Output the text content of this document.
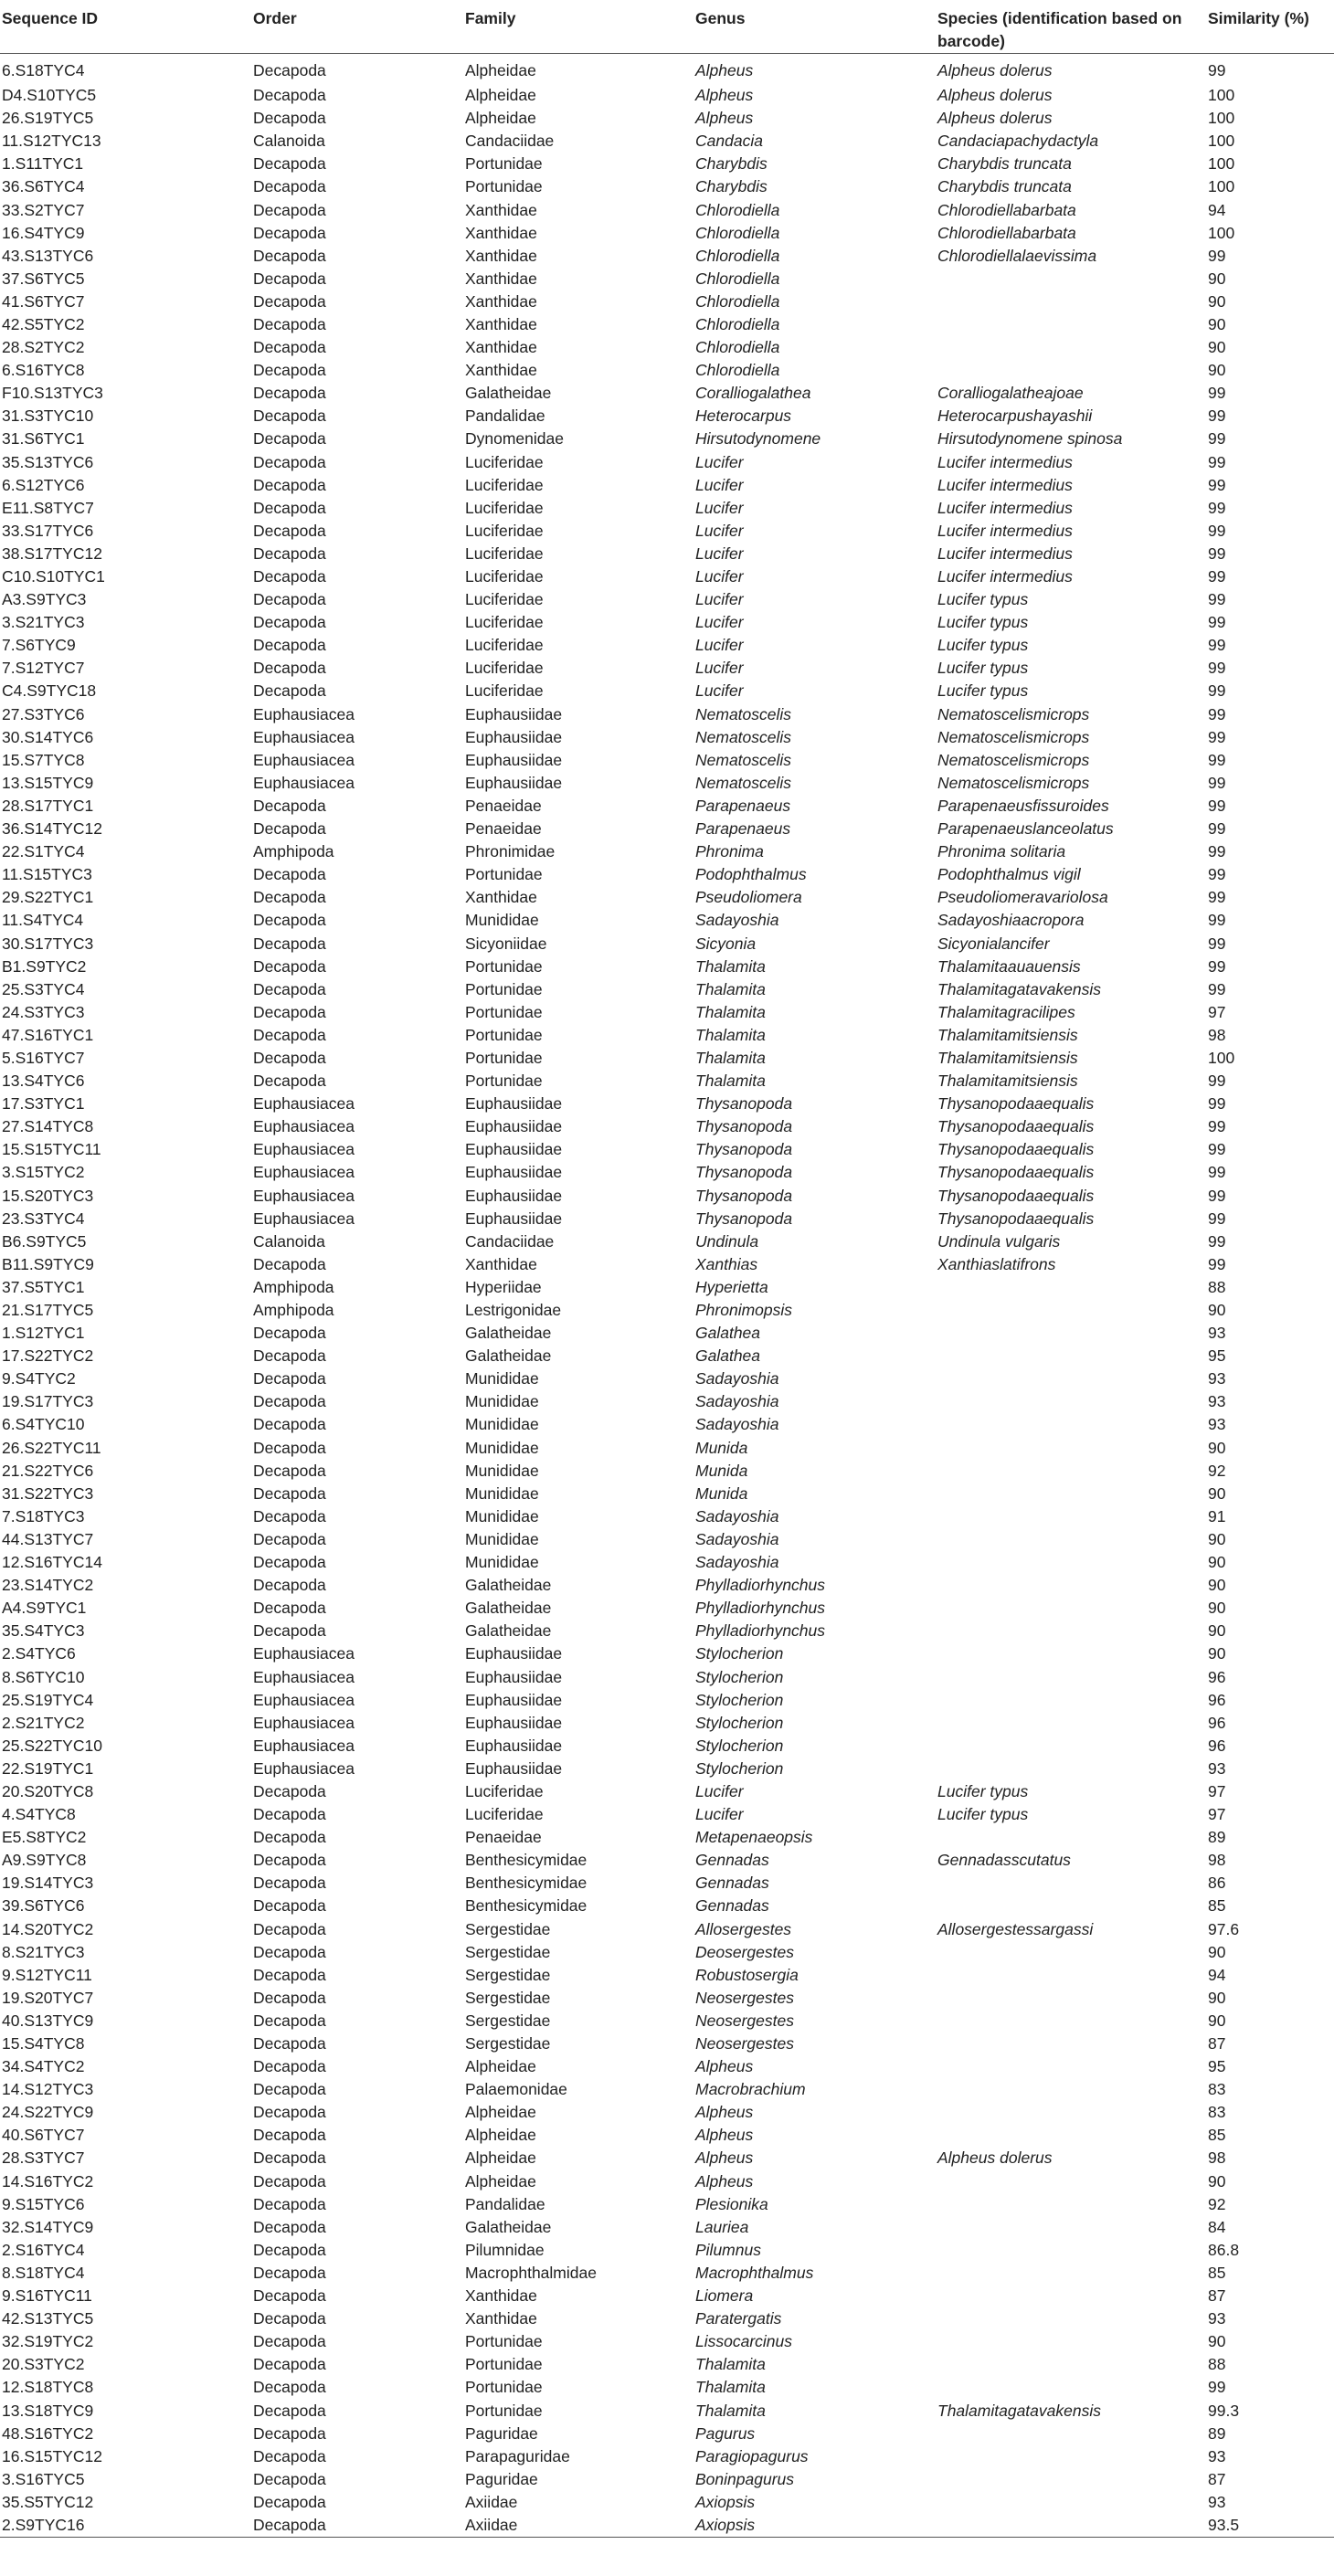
Sequence ID	Order	Family	Genus	Species (identification based on barcode)	Similarity (%)
6.S18TYC4	Decapoda	Alpheidae	Alpheus	Alpheus dolerus	99
D4.S10TYC5	Decapoda	Alpheidae	Alpheus	Alpheus dolerus	100
26.S19TYC5	Decapoda	Alpheidae	Alpheus	Alpheus dolerus	100
11.S12TYC13	Calanoida	Candaciidae	Candacia	Candaciapachydactyla	100
1.S11TYC1	Decapoda	Portunidae	Charybdis	Charybdis truncata	100
36.S6TYC4	Decapoda	Portunidae	Charybdis	Charybdis truncata	100
33.S2TYC7	Decapoda	Xanthidae	Chlorodiella	Chlorodiellabarbata	94
16.S4TYC9	Decapoda	Xanthidae	Chlorodiella	Chlorodiellabarbata	100
43.S13TYC6	Decapoda	Xanthidae	Chlorodiella	Chlorodiellalaevissima	99
37.S6TYC5	Decapoda	Xanthidae	Chlorodiella		90
41.S6TYC7	Decapoda	Xanthidae	Chlorodiella		90
42.S5TYC2	Decapoda	Xanthidae	Chlorodiella		90
28.S2TYC2	Decapoda	Xanthidae	Chlorodiella		90
6.S16TYC8	Decapoda	Xanthidae	Chlorodiella		90
F10.S13TYC3	Decapoda	Galatheidae	Coralliogalathea	Coralliogalatheajoae	99
31.S3TYC10	Decapoda	Pandalidae	Heterocarpus	Heterocarpushayashii	99
31.S6TYC1	Decapoda	Dynomenidae	Hirsutodynomene	Hirsutodynomene spinosa	99
35.S13TYC6	Decapoda	Luciferidae	Lucifer	Lucifer intermedius	99
6.S12TYC6	Decapoda	Luciferidae	Lucifer	Lucifer intermedius	99
E11.S8TYC7	Decapoda	Luciferidae	Lucifer	Lucifer intermedius	99
33.S17TYC6	Decapoda	Luciferidae	Lucifer	Lucifer intermedius	99
38.S17TYC12	Decapoda	Luciferidae	Lucifer	Lucifer intermedius	99
C10.S10TYC1	Decapoda	Luciferidae	Lucifer	Lucifer intermedius	99
A3.S9TYC3	Decapoda	Luciferidae	Lucifer	Lucifer typus	99
3.S21TYC3	Decapoda	Luciferidae	Lucifer	Lucifer typus	99
7.S6TYC9	Decapoda	Luciferidae	Lucifer	Lucifer typus	99
7.S12TYC7	Decapoda	Luciferidae	Lucifer	Lucifer typus	99
C4.S9TYC18	Decapoda	Luciferidae	Lucifer	Lucifer typus	99
27.S3TYC6	Euphausiacea	Euphausiidae	Nematoscelis	Nematoscelismicrops	99
30.S14TYC6	Euphausiacea	Euphausiidae	Nematoscelis	Nematoscelismicrops	99
15.S7TYC8	Euphausiacea	Euphausiidae	Nematoscelis	Nematoscelismicrops	99
13.S15TYC9	Euphausiacea	Euphausiidae	Nematoscelis	Nematoscelismicrops	99
28.S17TYC1	Decapoda	Penaeidae	Parapenaeus	Parapenaeusfissuroides	99
36.S14TYC12	Decapoda	Penaeidae	Parapenaeus	Parapenaeuslanceolatus	99
22.S1TYC4	Amphipoda	Phronimidae	Phronima	Phronima solitaria	99
11.S15TYC3	Decapoda	Portunidae	Podophthalmus	Podophthalmus vigil	99
29.S22TYC1	Decapoda	Xanthidae	Pseudoliomera	Pseudoliomeravariolosa	99
11.S4TYC4	Decapoda	Munididae	Sadayoshia	Sadayoshiaacropora	99
30.S17TYC3	Decapoda	Sicyoniidae	Sicyonia	Sicyonialancifer	99
B1.S9TYC2	Decapoda	Portunidae	Thalamita	Thalamitaauauensis	99
25.S3TYC4	Decapoda	Portunidae	Thalamita	Thalamitagatavakensis	99
24.S3TYC3	Decapoda	Portunidae	Thalamita	Thalamitagracilipes	97
47.S16TYC1	Decapoda	Portunidae	Thalamita	Thalamitamitsiensis	98
5.S16TYC7	Decapoda	Portunidae	Thalamita	Thalamitamitsiensis	100
13.S4TYC6	Decapoda	Portunidae	Thalamita	Thalamitamitsiensis	99
17.S3TYC1	Euphausiacea	Euphausiidae	Thysanopoda	Thysanopodaaequalis	99
27.S14TYC8	Euphausiacea	Euphausiidae	Thysanopoda	Thysanopodaaequalis	99
15.S15TYC11	Euphausiacea	Euphausiidae	Thysanopoda	Thysanopodaaequalis	99
3.S15TYC2	Euphausiacea	Euphausiidae	Thysanopoda	Thysanopodaaequalis	99
15.S20TYC3	Euphausiacea	Euphausiidae	Thysanopoda	Thysanopodaaequalis	99
23.S3TYC4	Euphausiacea	Euphausiidae	Thysanopoda	Thysanopodaaequalis	99
B6.S9TYC5	Calanoida	Candaciidae	Undinula	Undinula vulgaris	99
B11.S9TYC9	Decapoda	Xanthidae	Xanthias	Xanthiaslatifrons	99
37.S5TYC1	Amphipoda	Hyperiidae	Hyperietta		88
21.S17TYC5	Amphipoda	Lestrigonidae	Phronimopsis		90
1.S12TYC1	Decapoda	Galatheidae	Galathea		93
17.S22TYC2	Decapoda	Galatheidae	Galathea		95
9.S4TYC2	Decapoda	Munididae	Sadayoshia		93
19.S17TYC3	Decapoda	Munididae	Sadayoshia		93
6.S4TYC10	Decapoda	Munididae	Sadayoshia		93
26.S22TYC11	Decapoda	Munididae	Munida		90
21.S22TYC6	Decapoda	Munididae	Munida		92
31.S22TYC3	Decapoda	Munididae	Munida		90
7.S18TYC3	Decapoda	Munididae	Sadayoshia		91
44.S13TYC7	Decapoda	Munididae	Sadayoshia		90
12.S16TYC14	Decapoda	Munididae	Sadayoshia		90
23.S14TYC2	Decapoda	Galatheidae	Phylladiorhynchus		90
A4.S9TYC1	Decapoda	Galatheidae	Phylladiorhynchus		90
35.S4TYC3	Decapoda	Galatheidae	Phylladiorhynchus		90
2.S4TYC6	Euphausiacea	Euphausiidae	Stylocherion		90
8.S6TYC10	Euphausiacea	Euphausiidae	Stylocherion		96
25.S19TYC4	Euphausiacea	Euphausiidae	Stylocherion		96
2.S21TYC2	Euphausiacea	Euphausiidae	Stylocherion		96
25.S22TYC10	Euphausiacea	Euphausiidae	Stylocherion		96
22.S19TYC1	Euphausiacea	Euphausiidae	Stylocherion		93
20.S20TYC8	Decapoda	Luciferidae	Lucifer	Lucifer typus	97
4.S4TYC8	Decapoda	Luciferidae	Lucifer	Lucifer typus	97
E5.S8TYC2	Decapoda	Penaeidae	Metapenaeopsis		89
A9.S9TYC8	Decapoda	Benthesicymidae	Gennadas	Gennadasscutatus	98
19.S14TYC3	Decapoda	Benthesicymidae	Gennadas		86
39.S6TYC6	Decapoda	Benthesicymidae	Gennadas		85
14.S20TYC2	Decapoda	Sergestidae	Allosergestes	Allosergestessargassi	97.6
8.S21TYC3	Decapoda	Sergestidae	Deosergestes		90
9.S12TYC11	Decapoda	Sergestidae	Robustosergia		94
19.S20TYC7	Decapoda	Sergestidae	Neosergestes		90
40.S13TYC9	Decapoda	Sergestidae	Neosergestes		90
15.S4TYC8	Decapoda	Sergestidae	Neosergestes		87
34.S4TYC2	Decapoda	Alpheidae	Alpheus		95
14.S12TYC3	Decapoda	Palaemonidae	Macrobrachium		83
24.S22TYC9	Decapoda	Alpheidae	Alpheus		83
40.S6TYC7	Decapoda	Alpheidae	Alpheus		85
28.S3TYC7	Decapoda	Alpheidae	Alpheus	Alpheus dolerus	98
14.S16TYC2	Decapoda	Alpheidae	Alpheus		90
9.S15TYC6	Decapoda	Pandalidae	Plesionika		92
32.S14TYC9	Decapoda	Galatheidae	Lauriea		84
2.S16TYC4	Decapoda	Pilumnidae	Pilumnus		86.8
8.S18TYC4	Decapoda	Macrophthalmidae	Macrophthalmus		85
9.S16TYC11	Decapoda	Xanthidae	Liomera		87
42.S13TYC5	Decapoda	Xanthidae	Paratergatis		93
32.S19TYC2	Decapoda	Portunidae	Lissocarcinus		90
20.S3TYC2	Decapoda	Portunidae	Thalamita		88
12.S18TYC8	Decapoda	Portunidae	Thalamita		99
13.S18TYC9	Decapoda	Portunidae	Thalamita	Thalamitagatavakensis	99.3
48.S16TYC2	Decapoda	Paguridae	Pagurus		89
16.S15TYC12	Decapoda	Parapaguridae	Paragiopagurus		93
3.S16TYC5	Decapoda	Paguridae	Boninpagurus		87
35.S5TYC12	Decapoda	Axiidae	Axiopsis		93
2.S9TYC16	Decapoda	Axiidae	Axiopsis		93.5
